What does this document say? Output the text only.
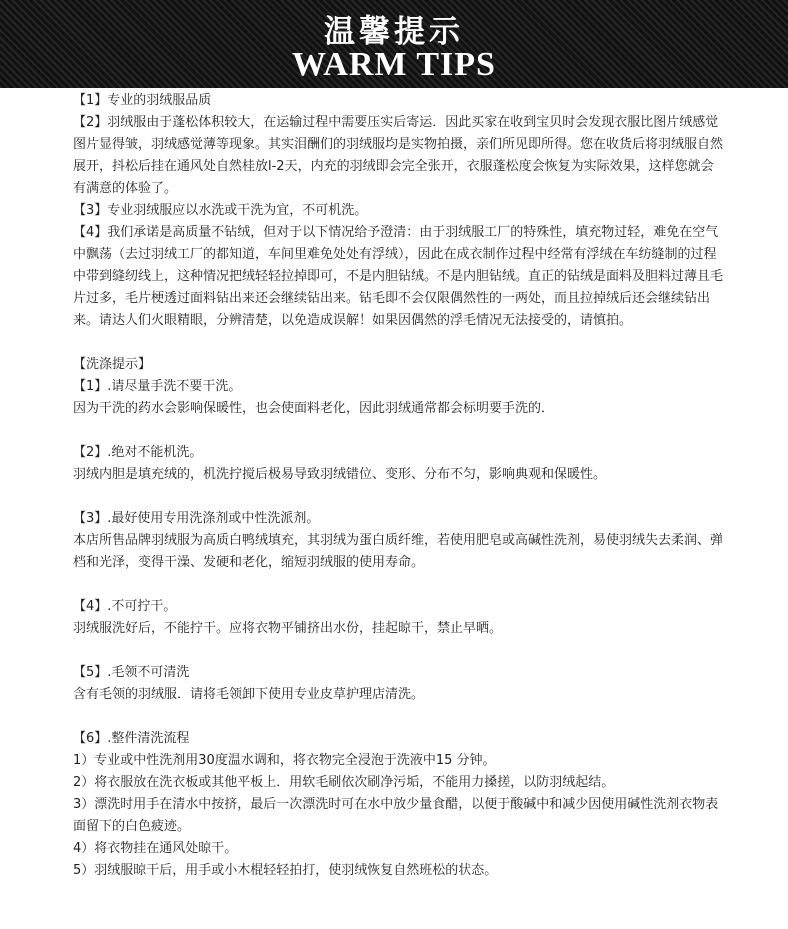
温馨提示
WARM TIPS

【1】专业的羽绒服品质

【2】羽绒服由于蓬松体积较大，在运输过程中需要压实后寄运．因此买家在收到宝贝时会发现衣服比图片绒感觉图片显得皱，羽绒感觉薄等现象。其实泪酬们的羽绒服均是实物拍摄，亲们所见即所得。您在收货后将羽绒服自然展开，抖松后挂在通风处自然桂放l-2天，内充的羽绒即会完全张开，衣服蓬松度会恢复为实际效果，这样您就会有满意的体验了。

【3】专业羽绒服应以水洗或干洗为宜，不可机洗。

【4】我们承诺是高质量不钻绒，但对于以下情况给予澄清：由于羽绒服工厂的特殊性，填充物过轻，难免在空气中飘荡（去过羽绒工厂的都知道，车间里难免处处有浮绒），因此在成衣制作过程中经常有浮绒在车纺缝制的过程中带到缝纫线上，这种情况把绒轻轻拉掉即可，不是内胆钻绒。不是内胆钻绒。直正的钻绒是面料及胆料过薄且毛片过多，毛片梗透过面料钻出来还会继续钻出来。钻毛即不会仅限偶然性的一两处，而且拉掉绒后还会继续钻出来。请达人们火眼精眼，分辨清楚，以免造成误解！如果因偶然的浮毛情况无法接受的，请慎拍。

【洗涤提示】

【1】.请尽量手洗不要干洗。

因为干洗的药水会影响保暖性，也会使面料老化，因此羽绒通常都会标明要手洗的．

【2】.绝对不能机洗。

羽绒内胆是填充绒的，机洗拧搅后极易导致羽绒错位、变形、分布不匀，影响典观和保暖性。

【3】.最好使用专用洗涤剂或中性洗派剂。

本店所售品牌羽绒服为高质白鸭绒填充，其羽绒为蛋白质纤维，若使用肥皂或高碱性洗剂，易使羽绒失去柔润、弹档和光泽，变得干澡、发硬和老化，缩短羽绒服的使用寿命。

【4】.不可拧干。

羽绒服洗好后，不能拧干。应将衣物平铺挤出水份，挂起晾干，禁止早晒。

【5】.毛领不可清洗

含有毛领的羽绒服．请将毛领卸下使用专业皮草护理店清洗。

【6】.整件清洗流程

1）专业或中性洗剂用30度温水调和，将衣物完全浸泡于洗液中15 分钟。

2）将衣服放在洗衣板或其他平板上．用软毛刷依次刷净污垢，不能用力搡搓，以防羽绒起结。

3）漂洗时用手在清水中按挤，最后一次漂洗时可在水中放少量食醋，以便于酸碱中和减少因使用碱性洗剂衣物表面留下的白色疲迹。

4）将衣物挂在通风处晾干。

5）羽绒服晾干后，用手或小木棍轻轻拍打，使羽绒恢复自然班松的状态。
